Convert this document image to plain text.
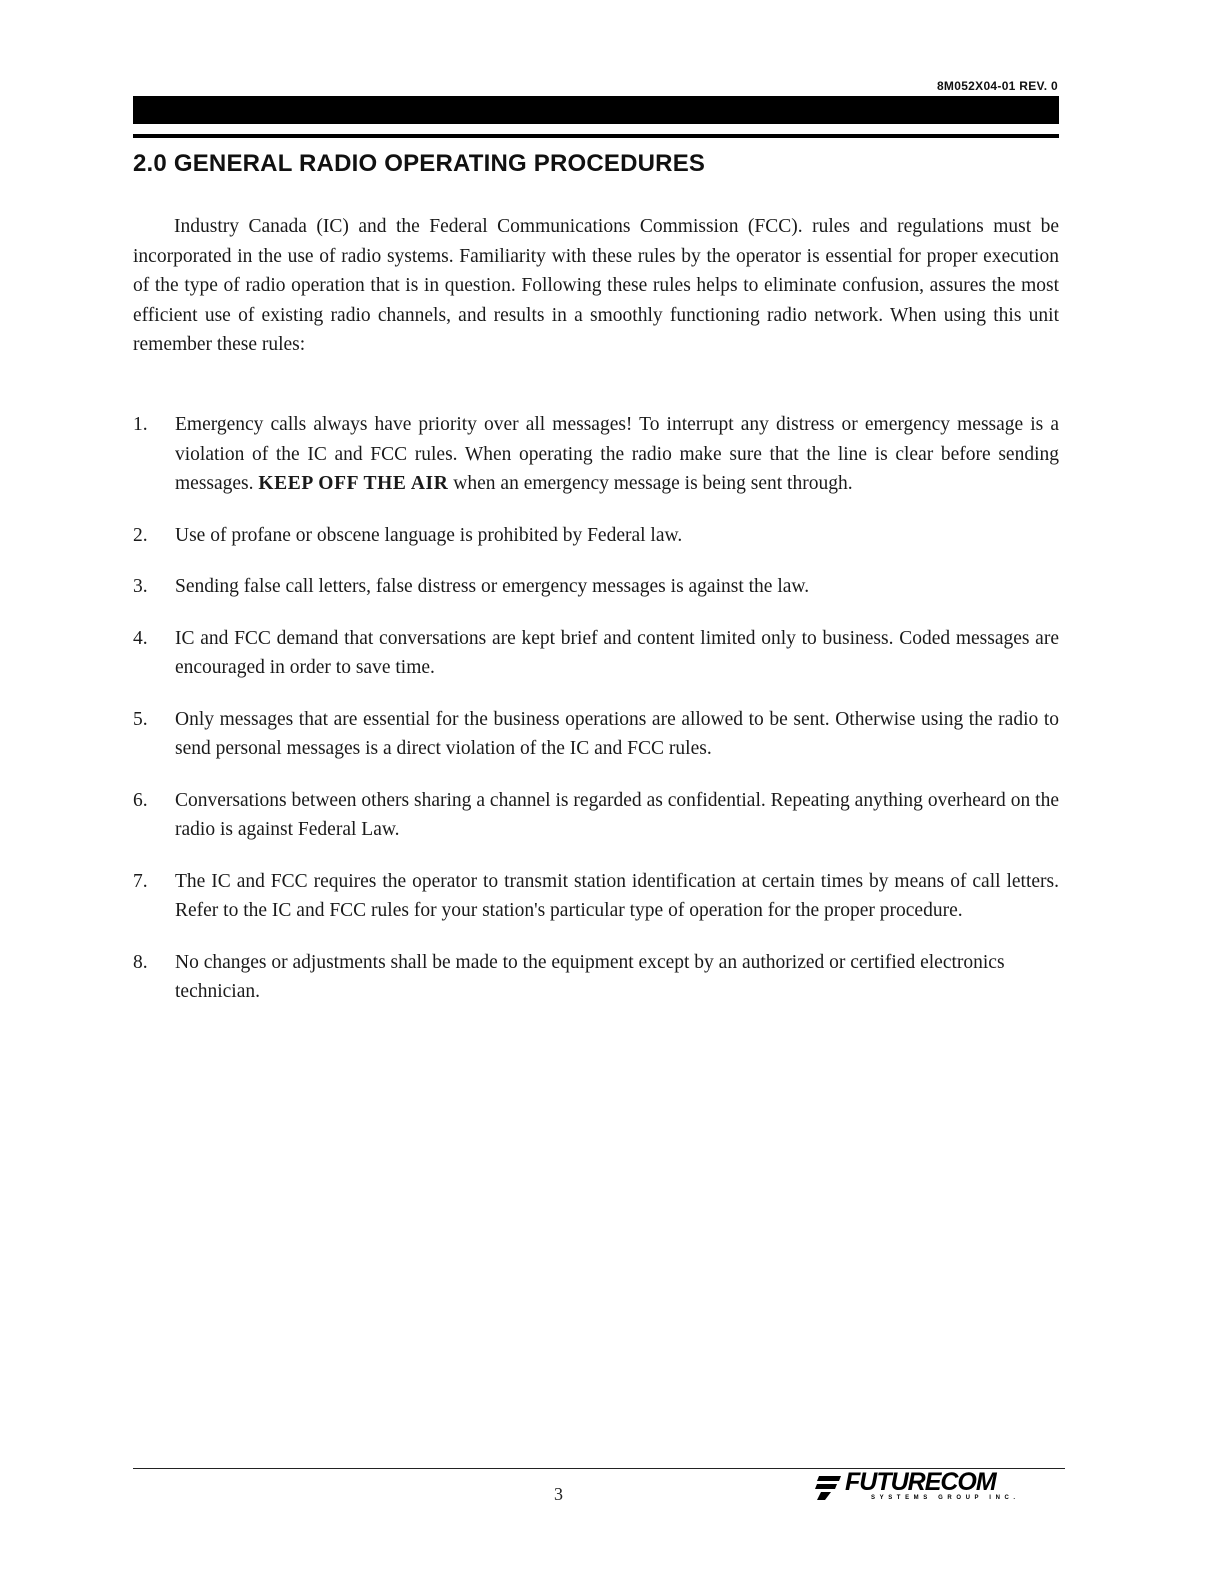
8M052X04-01 REV. 0
2.0 GENERAL RADIO OPERATING PROCEDURES

Industry Canada (IC) and the Federal Communications Commission (FCC). rules and regulations must be incorporated in the use of radio systems. Familiarity with these rules by the operator is essential for proper execution of the type of radio operation that is in question. Following these rules helps to eliminate confusion, assures the most efficient use of existing radio channels, and results in a smoothly functioning radio network. When using this unit remember these rules:

1. Emergency calls always have priority over all messages! To interrupt any distress or emergency message is a violation of the IC and FCC rules. When operating the radio make sure that the line is clear before sending messages. KEEP OFF THE AIR when an emergency message is being sent through.
2. Use of profane or obscene language is prohibited by Federal law.
3. Sending false call letters, false distress or emergency messages is against the law.
4. IC and FCC demand that conversations are kept brief and content limited only to business. Coded messages are encouraged in order to save time.
5. Only messages that are essential for the business operations are allowed to be sent. Otherwise using the radio to send personal messages is a direct violation of the IC and FCC rules.
6. Conversations between others sharing a channel is regarded as confidential. Repeating anything overheard on the radio is against Federal Law.
7. The IC and FCC requires the operator to transmit station identification at certain times by means of call letters. Refer to the IC and FCC rules for your station's particular type of operation for the proper procedure.
8. No changes or adjustments shall be made to the equipment except by an authorized or certified electronics technician.
3	FUTURECOM
SYSTEMS GROUP INC.
